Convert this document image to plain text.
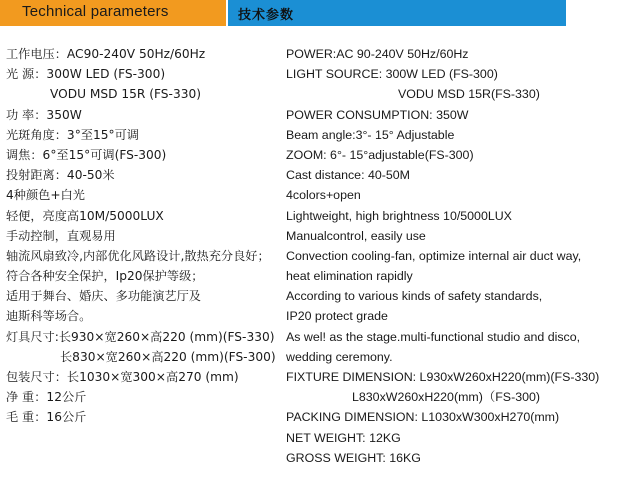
Technical parameters	技术参数
工作电压：AC90-240V 50Hz/60Hz
光 源：300W LED (FS-300)
VODU MSD 15R (FS-330)
功 率：350W
光斑角度：3°至15°可调
调焦：6°至15°可调(FS-300)
投射距离：40-50米
4种颜色+白光
轻便，亮度高10M/5000LUX
手动控制，直观易用
轴流风扇致冷,内部优化风路设计,散热充分良好；
符合各种安全保护，Ip20保护等级；
适用于舞台、婚庆、多功能演艺厅及
迪斯科等场合。
灯具尺寸:长930×宽260×高220 (mm)(FS-330)
长830×宽260×高220 (mm)(FS-300)
包装尺寸：长1030×宽300×高270 (mm)
净 重：12公斤
毛 重：16公斤
POWER:AC 90-240V 50Hz/60Hz
LIGHT SOURCE: 300W LED (FS-300)
VODU MSD 15R(FS-330)
POWER CONSUMPTION: 350W
Beam angle:3°- 15° Adjustable
ZOOM: 6°- 15°adjustable(FS-300)
Cast distance: 40-50M
4colors+open
Lightweight, high brightness 10/5000LUX
Manualcontrol, easily use
Convection cooling-fan, optimize internal air duct way,
heat elimination rapidly
According to various kinds of safety standards,
IP20 protect grade
As wel! as the stage.multi-functional studio and disco,
wedding ceremony.
FIXTURE DIMENSION: L930xW260xH220(mm)(FS-330)
L830xW260xH220(mm)（FS-300)
PACKING DIMENSION: L1030xW300xH270(mm)
NET WEIGHT: 12KG
GROSS WEIGHT: 16KG
